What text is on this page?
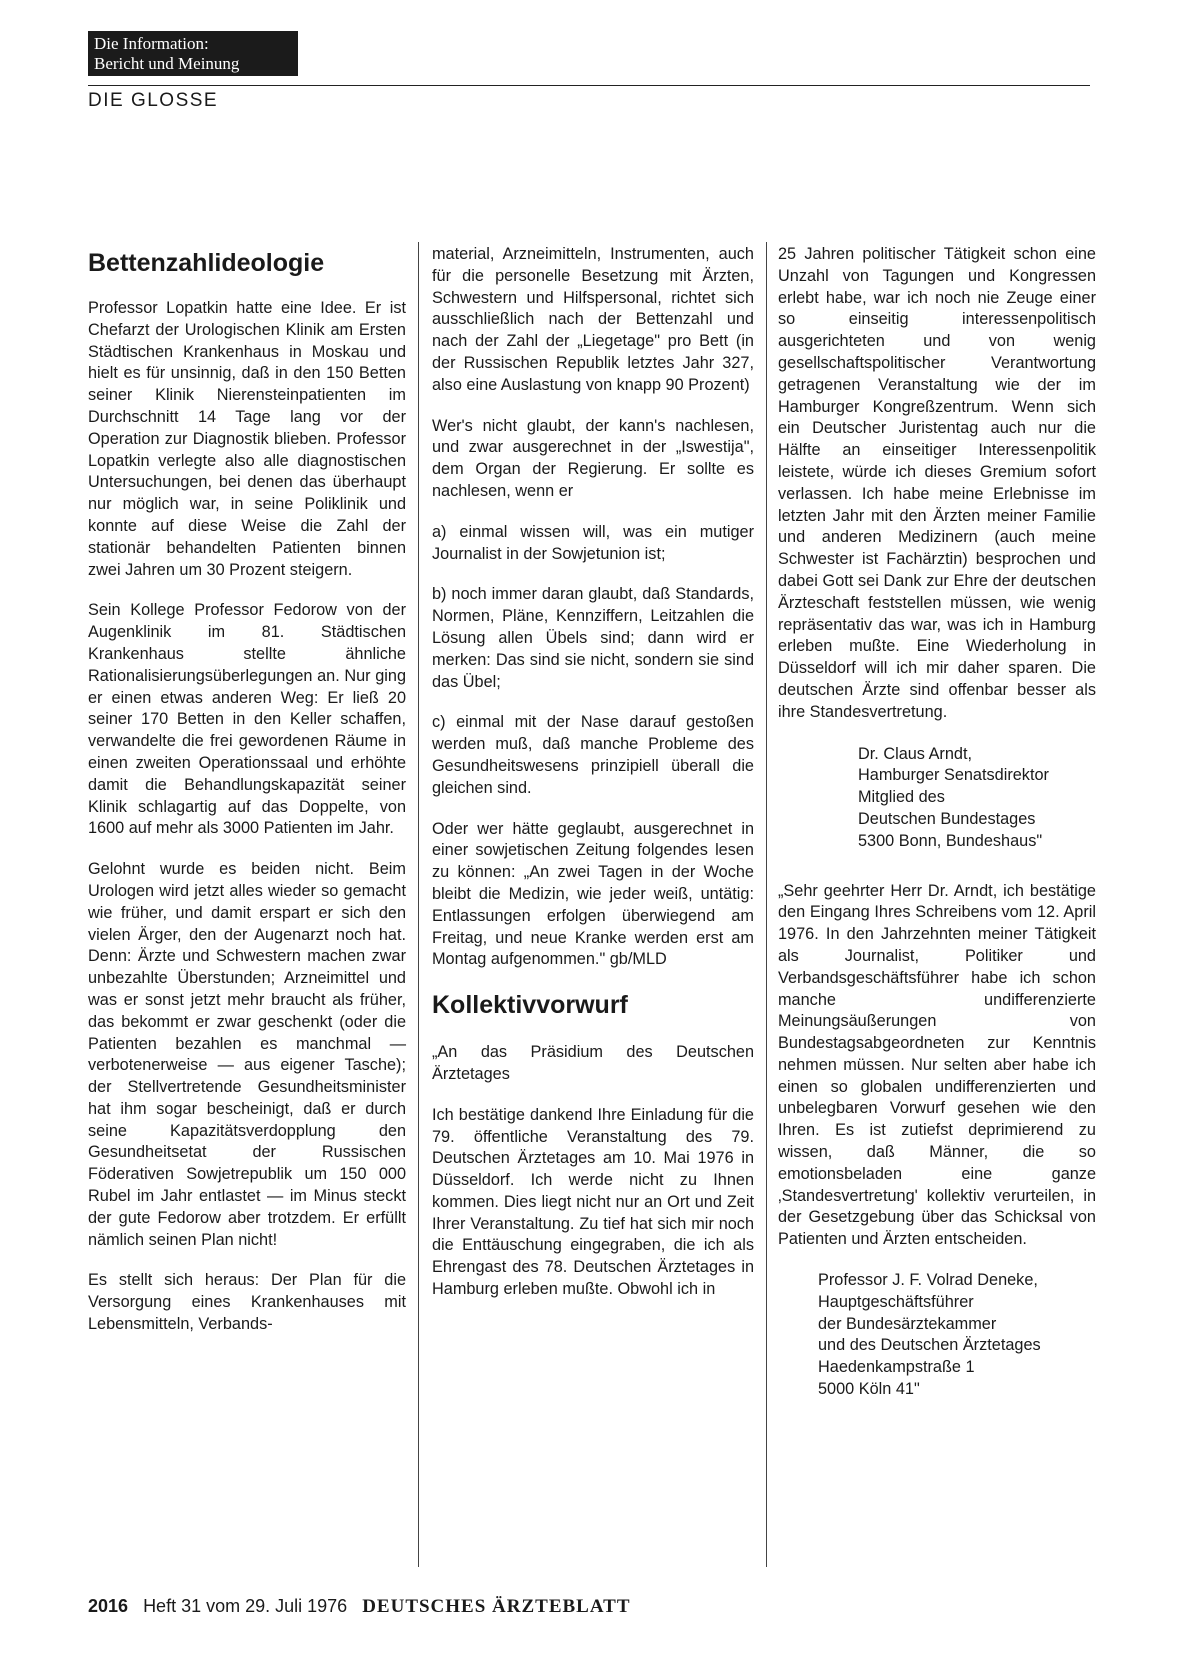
Die Information:
Bericht und Meinung
DIE GLOSSE
Bettenzahlideologie

Professor Lopatkin hatte eine Idee. Er ist Chefarzt der Urologischen Klinik am Ersten Städtischen Krankenhaus in Moskau und hielt es für unsinnig, daß in den 150 Betten seiner Klinik Nierensteinpatienten im Durchschnitt 14 Tage lang vor der Operation zur Diagnostik blieben. Professor Lopatkin verlegte also alle diagnostischen Untersuchungen, bei denen das überhaupt nur möglich war, in seine Poliklinik und konnte auf diese Weise die Zahl der stationär behandelten Patienten binnen zwei Jahren um 30 Prozent steigern.

Sein Kollege Professor Fedorow von der Augenklinik im 81. Städtischen Krankenhaus stellte ähnliche Rationalisierungsüberlegungen an. Nur ging er einen etwas anderen Weg: Er ließ 20 seiner 170 Betten in den Keller schaffen, verwandelte die frei gewordenen Räume in einen zweiten Operationssaal und erhöhte damit die Behandlungskapazität seiner Klinik schlagartig auf das Doppelte, von 1600 auf mehr als 3000 Patienten im Jahr.

Gelohnt wurde es beiden nicht. Beim Urologen wird jetzt alles wieder so gemacht wie früher, und damit erspart er sich den vielen Ärger, den der Augenarzt noch hat. Denn: Ärzte und Schwestern machen zwar unbezahlte Überstunden; Arzneimittel und was er sonst jetzt mehr braucht als früher, das bekommt er zwar geschenkt (oder die Patienten bezahlen es manchmal — verbotenerweise — aus eigener Tasche); der Stellvertretende Gesundheitsminister hat ihm sogar bescheinigt, daß er durch seine Kapazitätsverdopplung den Gesundheitsetat der Russischen Föderativen Sowjetrepublik um 150 000 Rubel im Jahr entlastet — im Minus steckt der gute Fedorow aber trotzdem. Er erfüllt nämlich seinen Plan nicht!

Es stellt sich heraus: Der Plan für die Versorgung eines Krankenhauses mit Lebensmitteln, Verbands-

material, Arzneimitteln, Instrumenten, auch für die personelle Besetzung mit Ärzten, Schwestern und Hilfspersonal, richtet sich ausschließlich nach der Bettenzahl und nach der Zahl der „Liegetage" pro Bett (in der Russischen Republik letztes Jahr 327, also eine Auslastung von knapp 90 Prozent)

Wer's nicht glaubt, der kann's nachlesen, und zwar ausgerechnet in der „Iswestija", dem Organ der Regierung. Er sollte es nachlesen, wenn er

a) einmal wissen will, was ein mutiger Journalist in der Sowjetunion ist;

b) noch immer daran glaubt, daß Standards, Normen, Pläne, Kennziffern, Leitzahlen die Lösung allen Übels sind; dann wird er merken: Das sind sie nicht, sondern sie sind das Übel;

c) einmal mit der Nase darauf gestoßen werden muß, daß manche Probleme des Gesundheitswesens prinzipiell überall die gleichen sind.

Oder wer hätte geglaubt, ausgerechnet in einer sowjetischen Zeitung folgendes lesen zu können: „An zwei Tagen in der Woche bleibt die Medizin, wie jeder weiß, untätig: Entlassungen erfolgen überwiegend am Freitag, und neue Kranke werden erst am Montag aufgenommen." gb/MLD

Kollektivvorwurf

„An das Präsidium des Deutschen Ärztetages

Ich bestätige dankend Ihre Einladung für die 79. öffentliche Veranstaltung des 79. Deutschen Ärztetages am 10. Mai 1976 in Düsseldorf. Ich werde nicht zu Ihnen kommen. Dies liegt nicht nur an Ort und Zeit Ihrer Veranstaltung. Zu tief hat sich mir noch die Enttäuschung eingegraben, die ich als Ehrengast des 78. Deutschen Ärztetages in Hamburg erleben mußte. Obwohl ich in

25 Jahren politischer Tätigkeit schon eine Unzahl von Tagungen und Kongressen erlebt habe, war ich noch nie Zeuge einer so einseitig interessenpolitisch ausgerichteten und von wenig gesellschaftspolitischer Verantwortung getragenen Veranstaltung wie der im Hamburger Kongreßzentrum. Wenn sich ein Deutscher Juristentag auch nur die Hälfte an einseitiger Interessenpolitik leistete, würde ich dieses Gremium sofort verlassen. Ich habe meine Erlebnisse im letzten Jahr mit den Ärzten meiner Familie und anderen Medizinern (auch meine Schwester ist Fachärztin) besprochen und dabei Gott sei Dank zur Ehre der deutschen Ärzteschaft feststellen müssen, wie wenig repräsentativ das war, was ich in Hamburg erleben mußte. Eine Wiederholung in Düsseldorf will ich mir daher sparen. Die deutschen Ärzte sind offenbar besser als ihre Standesvertretung.

Dr. Claus Arndt,
Hamburger Senatsdirektor
Mitglied des
Deutschen Bundestages
5300 Bonn, Bundeshaus"

„Sehr geehrter Herr Dr. Arndt, ich bestätige den Eingang Ihres Schreibens vom 12. April 1976. In den Jahrzehnten meiner Tätigkeit als Journalist, Politiker und Verbandsgeschäftsführer habe ich schon manche undifferenzierte Meinungsäußerungen von Bundestagsabgeordneten zur Kenntnis nehmen müssen. Nur selten aber habe ich einen so globalen undifferenzierten und unbelegbaren Vorwurf gesehen wie den Ihren. Es ist zutiefst deprimierend zu wissen, daß Männer, die so emotionsbeladen eine ganze ‚Standesvertretung' kollektiv verurteilen, in der Gesetzgebung über das Schicksal von Patienten und Ärzten entscheiden.

Professor J. F. Volrad Deneke,
Hauptgeschäftsführer
der Bundesärztekammer
und des Deutschen Ärztetages
Haedenkampstraße 1
5000 Köln 41"
2016 Heft 31 vom 29. Juli 1976 DEUTSCHES ÄRZTEBLATT
